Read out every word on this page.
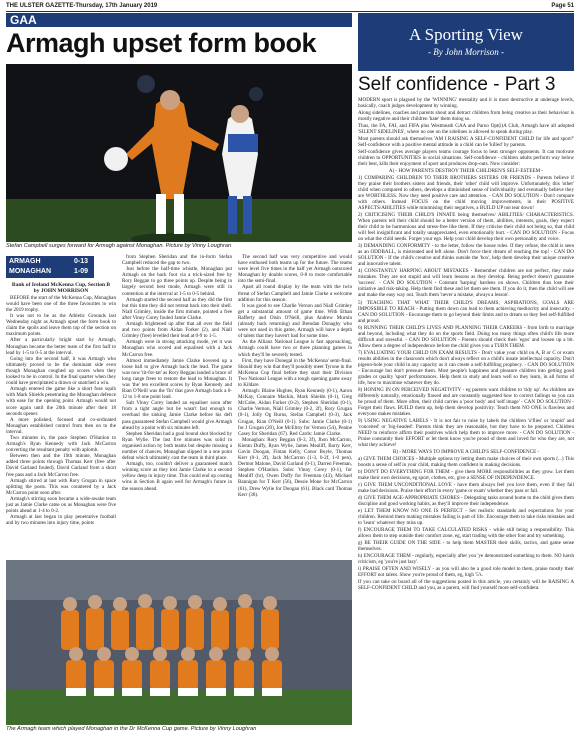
THE ULSTER GAZETTE-Thursday, 17th January 2019	Page 51
GAA
Armagh upset form book
Stefan Campbell surges forward for Armagh against Monaghan. Picture by Vinny Loughran
ARMAGH	0-13
MONAGHAN	1-09

Bank of Ireland McKenna Cup, Section B

by JOHN MORRISON

BEFORE the start of the McKenna Cup, Monaghan would have been one of the three favourites to win the 2019 trophy.

It was not to be as the Athletic Grounds last Wednesday night as Armagh upset the form book to claim the spoils and leave them top of the section on maximum points.

After a particularly bright start by Armagh, Monaghan became the better team of the first half to lead by 1-5 to 0-5 at the interval.

Going into the second half, it was Armagh who ultimately proved to be the dominant side even though Monaghan coughed up scores when they looked to be in control. In the final quarter when they could have precipitated a drawn or snatched a win.

Armagh entered the game like a short fuse squib with Mark Shields penetrating the Monaghan defence with ease for the opening point. Armagh would not score again until the 20th minute after their 18 seconds opener.

A more polished, focused and co-ordinated Monaghan established control from then on to the interval.

Two minutes in, the pace Stephen O'Hanlon to Armagh's Ryan Kennedy with Jack McCarron converting the resultant penalty with aplomb.

Between then and the 19th minute, Monaghan added three points through Thomas Kerr (free after David Garland fouled), David Garland from a short free pass and a Jack McCarron free.

Armagh stirred at last with Rory Grugan in space splitting the posts. This was countered by a Jack McCarron point soon after.

Armagh's stirring soon became a wide-awake team just as Jamie Clarke came on as Monaghan were five points ahead at 1-4 to 0-2.

Armagh at last began to play penetrative football and by two minutes into injury time, points

from Stephen Sheridan and the in-form Stefan Campbell reduced the gap to two.

Just before the half-time whistle, Monaghan put Armagh on the back foot via a trick-sized free by Rory Beggan to go three points up. Despite being in largely second best mode, Armagh were still in contention at the interval at 1-5 to 0-5 behind.

Armagh started the second half as they did the first but this time they did not retreat back into their shell. Niall Grimley, inside the first minute, pointed a free after Vinny Corey fouled Jamie Clarke.

Armagh brightened up after that all over the field and two points from Aidan Forker (2), and Niall Grimley (free) levelled their lead at 0-9 to 1-5.

Armagh were in strong attacking mode, yet it was Monaghan who scored and equalised with a Jack McCarron free.

Almost immediately Jamie Clarke hovered up a loose ball to give Armagh back the lead. The game was now 'tit-for-tat' as Rory Beggan landed a brace of long range frees to restore the lead to Monaghan. It was 'the' ten excellent scores by Ryan Kennedy and Rian O'Neill was the 'fin' that gave Armagh back a 0-12 to 1-8 one point lead.

Salt Vinny Corey landed an equaliser soon after from a tight angle but he wasn't fast enough to overhaul the sinking Jamie Clarke before his deft pass guaranteed Stefan Campbell would give Armagh ahead by a point with six minutes left.

Stephen Sheridan had a goal bound shot blocked by Ryan Wylie. The last five minutes was solid in organised action by both teams but despite missing a number of chances, Monaghan slipped in a one point defeat which ultimately cost the team in third place.

Armagh, too, couldn't deliver a guaranteed match winning score as they lost Jamie Clarke to a second yellow deep in injury time. This could end up costing wins in Section B again well for Armagh's future in the season ahead.

The second half was very competitive and would have enthused both teams up for the future. The teams were level five times in the half yet Armagh outscored Monaghan by double scores, 0-8 to more comfortable into the semi-final.

Apart all round display by the team with the twin threat of Stefan Campbell and Jamie Clarke a welcome addition for this season.

It was good to see Charlie Vernon and Niall Grimley get a substantial amount of game time. With Ethan Rafferty and Oisin O'Neill, plus Andrew Murnin (already back returning) and Brendan Donaghy who were not used in this game, Armagh will have a depth of talent that they haven't had for some time.

As the Allianz National League is fast approaching, Armagh could have two or three planning games in which they'll be severely tested.

First, they have Donegal in the 'McKenna' semi-final. Should they win that they'll possibly meet Tyrone in the McKenna Cup final before they start their Division Two National League with a tough opening game away to Kildare.

Armagh: Blaine Hughes, Ryan Kennedy (0-1), Aaron McKay, Connaire Mackin, Mark Shields (0-1), Greg McCabe, Aidan Forker (0-2), Stephen Sheridan (0-1), Charlie Vernon, Niall Grimley (0-2, 2f), Rory Grugan (0-1), Jolly Og Burns, Stefan Campbell (0-3), Jack Grugan, Rian O'Neill (0-1). Subs: Jamie Clarke (0-1) for J Grugan (20), Joe McElroy for Vernon (54), Peaine Casey for Sheridan (67). Red Cards: Jamie Clarke.

Monaghan: Rory Beggan (0-3, 3f), Jhon McCarron, Kieran Duffy, Ryan Wylie, James Mealiff, Barry Kerr, Gavin Doogan, Fintan Kelly, Conor Boyle, Thomas Kerr (0-1, 2f), Jack McCarron (1-3, 0-2f, 1-0 pen), Dermot Malone, David Garland (0-1), Darren Freeman, Stephen O'Hanlon. Subs: Vinny Corey (0-1), for Mealiff (hr), Owen Duffy for Freeman (43), Michael Bannigan for T Kerr (56), Dessie Mone for McCarron (61), Drew Wylie for Doogan (61). Black card Thomas Kerr (38).

The Armagh team which played Monaghan in the Dr McKenna Cup game. Picture by Vinny Loughran
A Sporting View
- By John Morrison -
Self confidence - Part 3

MODERN sport is plagued by the 'WINNING' mentality and it is most destructive at underage levels, basically, coach judges development by winning.

Along sidelines, coaches and parents shout and detract children from being creative as their behaviour is mostly negative and their children 'hate' them doing so.

Thus, the FA, FAI, and FIFA plus Westmeath GAA and Paroo Opt(i)A Club, Armagh have all adopted 'SILENT SIDELINES', where no one on the sidelines is allowed to speak during play.

Most parents should ask themselves 'AM I RAISING A SELF-CONFIDENT CHILD for life and sport?' Self-confidence with a positive mental attitude in a child can be 'killed' by parents.

Self-confidence gives average players teams courage focus to beat stronger opponents. It can motivate children to OPPORTUNITIES in social situations. Self-confidence - children adults perform way below their best, kills their enjoyment of sport and produces drop-outs. Now consider:

A) - HOW PARENTS DESTROY THEIR CHILDREN'S SELF-ESTEEM -

1) COMPARING CHILDREN TO THEIR BROTHERS SISTERS OR FRIENDS - Parents believe if they praise their brothers sisters and friends, their 'other' child will improve. Unfortunately, this 'other' child when compared to others, develops a diminished sense of individuality and eventually believe they are WORTHLESS. Now they need positive care and attention. - CAN DO SOLUTION - Don't compare with others. Instead FOCUS on the child moving improvements, in their POSITIVE ASPECTS/ABILITIES while minimising their negatives, a BUILD UP not tear down!

2) CRITICISING THEIR CHILD'S INNATE being themselves/ ABILITIES/ CHARACTERISTICS. When parents tell their child should be a better version of them, abilities, interests, goals, they expect their child to be harmonious and stress-free like them. If they criticise their child not being so, that child will feel insignificant and totally unappreciated, even emotionally hurt. - CAN DO SOLUTION - Focus on what the child needs. Forget your ego. Help your child develop their own personality and voice.

3) DEMANDING CONFORMITY - to the letter, follow the house rules. If they refuse, the child is seen as an ODDBALL, is mistreated and left alone. Don't force their dream of reaching the top! - CAN DO SOLUTION - If the child's creative and thinks outside the 'box', help them develop their unique creative and innovative talent.

4) CONSTANTLY HARPING ABOUT MISTAKES - Remember children are not perfect, they make mistakes. They are not stupid and will learn lessons as they develop. Being perfect doesn't guarantee 'success'. - CAN DO SOLUTION - Constant 'harping' hardens on shows. Children thus lose their initiative and risk-taking. Help them find these and let them see them. If you do it, then the child will see and make the easy way out. Teach them 'never a mistake, always a lesson'.

5) TEACHING THAT WHAT THEIR CHILD'S DREAMS, ASPIRATIONS, GOALS ARE IMPOSSIBLE TO REACH - Putting them down can lead to them achieving mediocrity and insecurity. - CAN DO SOLUTION - Encourage them to go beyond their limits and to dream so they feel self-fulfilled and proud.

6) RUNNING THEIR CHILD'S LIVES AND PLANNING THEIR CAREERS - from birth to marriage and beyond, including what they do on the sports field. Doing too many things often child's life more difficult and stressful. - CAN DO SOLUTION - Parents should check their 'egos' and loosen up a bit. Allow them a degree of independence before the child gives you a TURN THEM.

7) EVALUATING YOUR CHILD ON EXAM RESULTS - Don't value your child on A, B or C or exam results abilities in the classroom which don't always reflect on a child's innate intellectual capacity. Don't pigeon-hole your child in any capacity as it can create a self-fulfilling prophecy. - CAN DO SOLUTION - Encourage but don't pressure them. Most people's happiness and pleasure children into getting good grades or quality 'sport' performances. Help them to study and learn well so they learn, in all forms of life, how to maximise whatever they do.

8) HONING IN ON PERCEIVED NEGATIVITY - eg parents want children to 'tidy up'. As children are differently naturally, emotionally flawed and are constantly suggested how to correct failings so you can be proud of them. More often, their child carries a 'poor body' and 'self image' - CAN DO SOLUTION - Forget their flaws. BUILD them up, help them develop positivity. Teach them NO ONE is flawless and everyone makes mistakes.

9) USING NEGATIVE LABELS - It is not fair to raise by labels the children 'o'flies' or 'stupid' and 'conceited' or 'big-headed'. Parents think they are reasonable, but they have to be prepared. Children NEED to reinforce affirm their positives which help them to improve more. - CAN DO SOLUTION - Praise constantly their EFFORT or let them know you're proud of them and loved for who they are, not what they achieve!

B) - MORE WAYS TO IMPROVE A CHILD'S SELF-CONFIDENCE -

a) GIVE THEM CHOICES - Multiple options try letting them make choices of their own sports (...) This boosts a sense of self in your child, making them confident in making decisions.

b) DON'T DO EVERYTHING FOR THEM - give them MORE responsibilities as they grow. Let them make their own decisions, eg sport, clothes, etc, give a SENSE OF INDEPENDENCE.

c) GIVE THEM UNCONDITIONAL LOVE - have them always feel you love them, even if they fail make bad decisions. Praise their effort in every 'game or exam' whether they pass or fail.

d) GIVE THEM AGE-APPROPRIATE CHORES - Delegating tasks around home to the child gives them discipline and good working habits, as they'll improve their independence.

e) LET THEM KNOW NO ONE IS PERFECT - Set realistic standards and expectations for your children. Remind them making mistakes failing is part of life. Encourage them to take risks mistakes and to 'learn' whatever they miss up.

f) ENCOURAGE THEM TO TAKE CALCULATED RISKS - while still being a responsibility. This allows them to step outside their comfort zone, eg, start trading with the other foot and try something.

g) BE THEIR GUIDE ON THE SIDE - to help them MASTER their skills, tactics, and game sense themselves.

h) ENCOURAGE THEM - regularly, especially after you 'ye demonstrated something to them. NO harsh criticism, eg 'you're just lazy'.

i) PRAISE OFTEN AND WISELY - as you will also be a good role model to them, praise mostly their EFFORT not talent. Show you're proud of them, eg, high '5's.

If you can take on board all of the suggestions posted in this article, you certainly will be RAISING A SELF-CONFIDENT CHILD and you, as a parent, will find yourself more self-confident.
